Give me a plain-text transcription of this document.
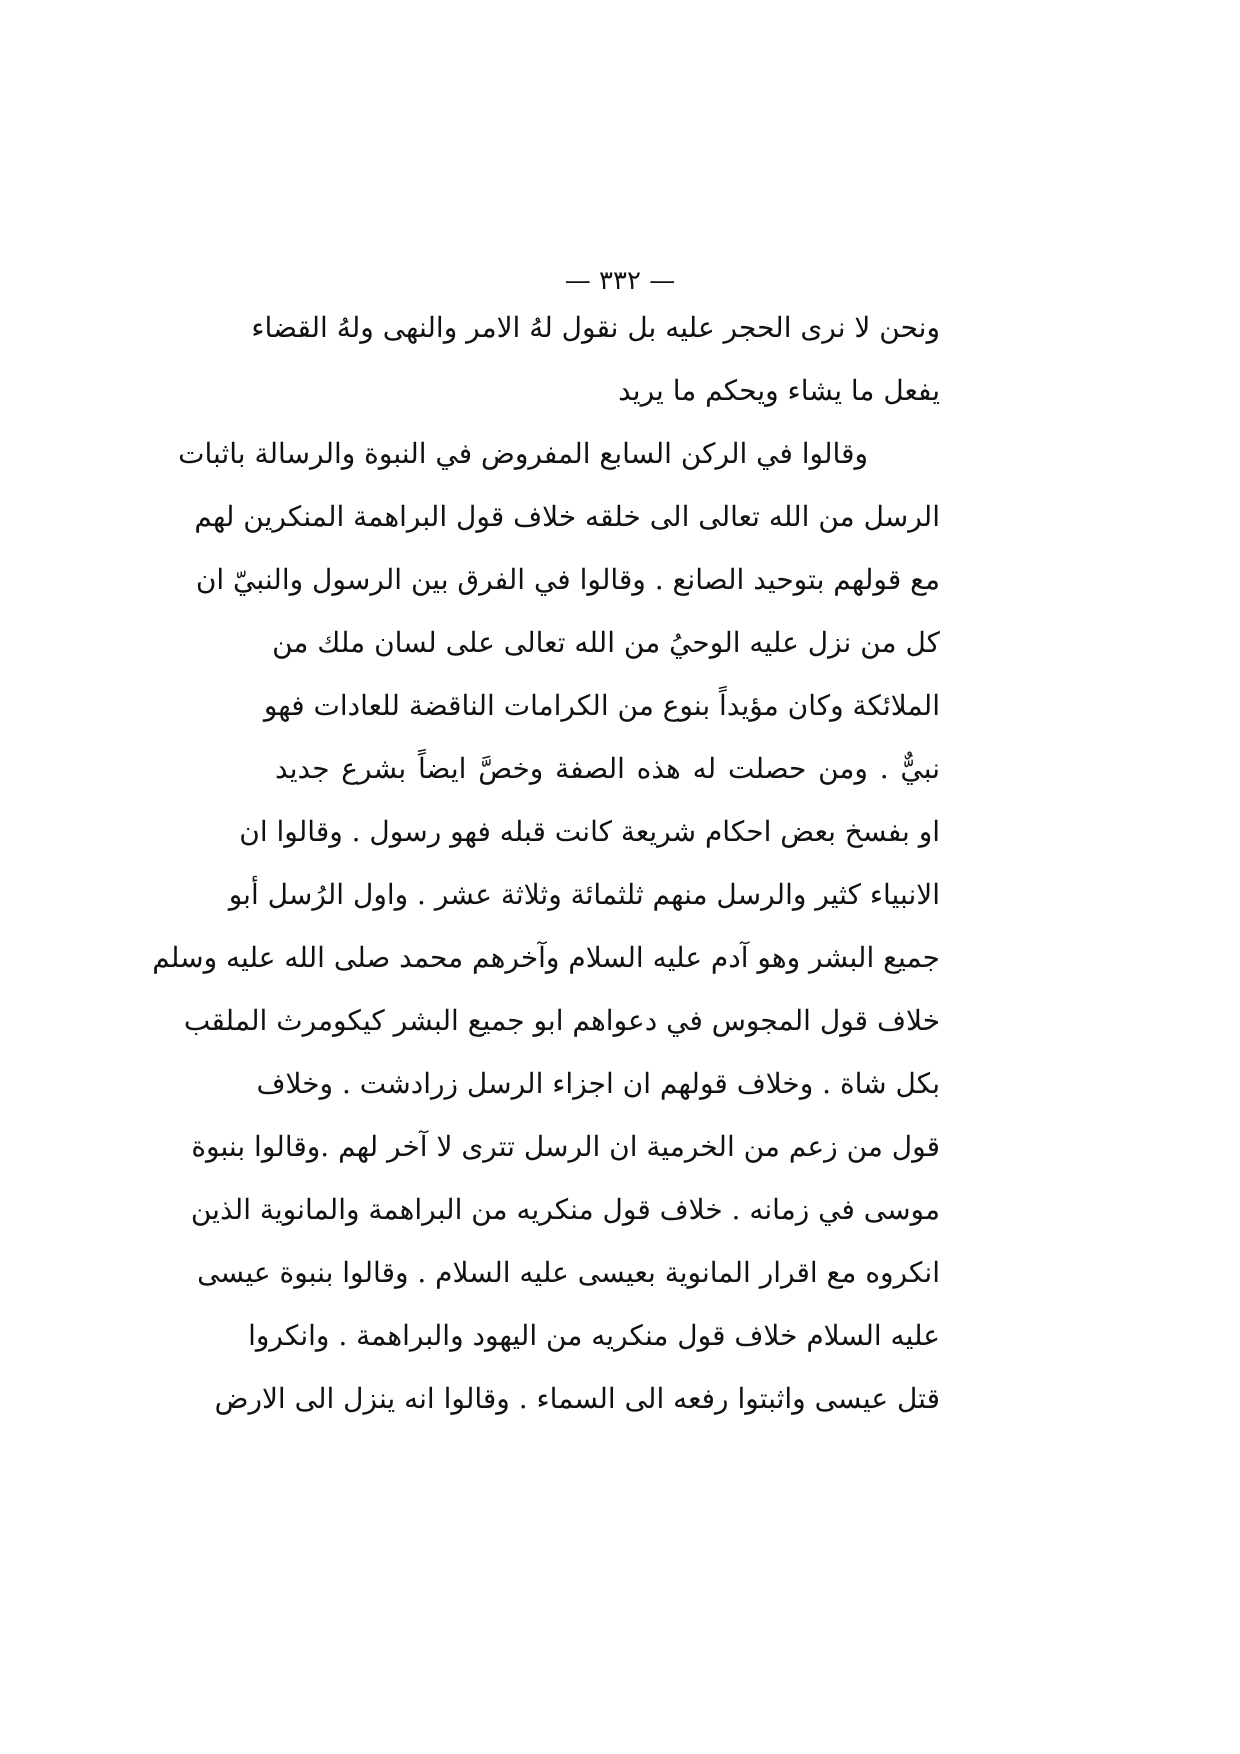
— ٣٣٢ —
ونحن لا نرى الحجر عليه بل نقول لهُ الامر والنهى ولهُ القضاء
يفعل ما يشاء ويحكم ما يريد
وقالوا في الركن السابع المفروض في النبوة والرسالة باثبات
الرسل من الله تعالى الى خلقه خلاف قول البراهمة المنكرين لهم
مع قولهم بتوحيد الصانع . وقالوا في الفرق بين الرسول والنبيّ ان
كل من نزل عليه الوحيُ من الله تعالى على لسان ملك من
الملائكة وكان مؤيداً بنوع من الكرامات الناقضة للعادات فهو
نبيٌّ . ومن حصلت له هذه الصفة وخصَّ ايضاً بشرع جديد
او بفسخ بعض احكام شريعة كانت قبله فهو رسول . وقالوا ان
الانبياء كثير والرسل منهم ثلثمائة وثلاثة عشر . واول الرُسل أبو
جميع البشر وهو آدم عليه السلام وآخرهم محمد صلى الله عليه وسلم
خلاف قول المجوس في دعواهم ابو جميع البشر كيكومرث الملقب
بكل شاة . وخلاف قولهم ان اجزاء الرسل زرادشت . وخلاف
قول من زعم من الخرمية ان الرسل تترى لا آخر لهم .وقالوا بنبوة
موسى في زمانه . خلاف قول منكريه من البراهمة والمانوية الذين
انكروه مع اقرار المانوية بعيسى عليه السلام . وقالوا بنبوة عيسى
عليه السلام خلاف قول منكريه من اليهود والبراهمة . وانكروا
قتل عيسى واثبتوا رفعه الى السماء . وقالوا انه ينزل الى الارض
